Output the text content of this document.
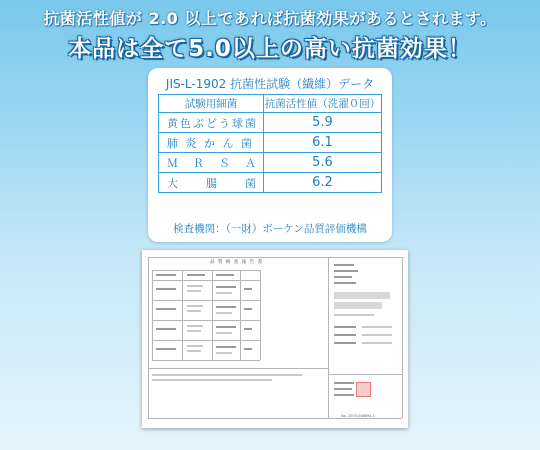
抗菌活性値が 2.0 以上であれば抗菌効果があるとされます。
本品は全て5.0以上の高い抗菌効果！
JIS-L-1902 抗菌性試験（繊維）データ
試験用細菌	抗菌活性値（洗濯０回）
黄色ぶどう球菌	5.9
肺 炎 か ん 菌	6.1
Ｍ　Ｒ　Ｓ　Ａ	5.6
大　　腸　　菌	6.2
検査機関：（一財）ボーケン品質評価機構
品 質 検 査 報 告 書
No. 2003-008894-1
